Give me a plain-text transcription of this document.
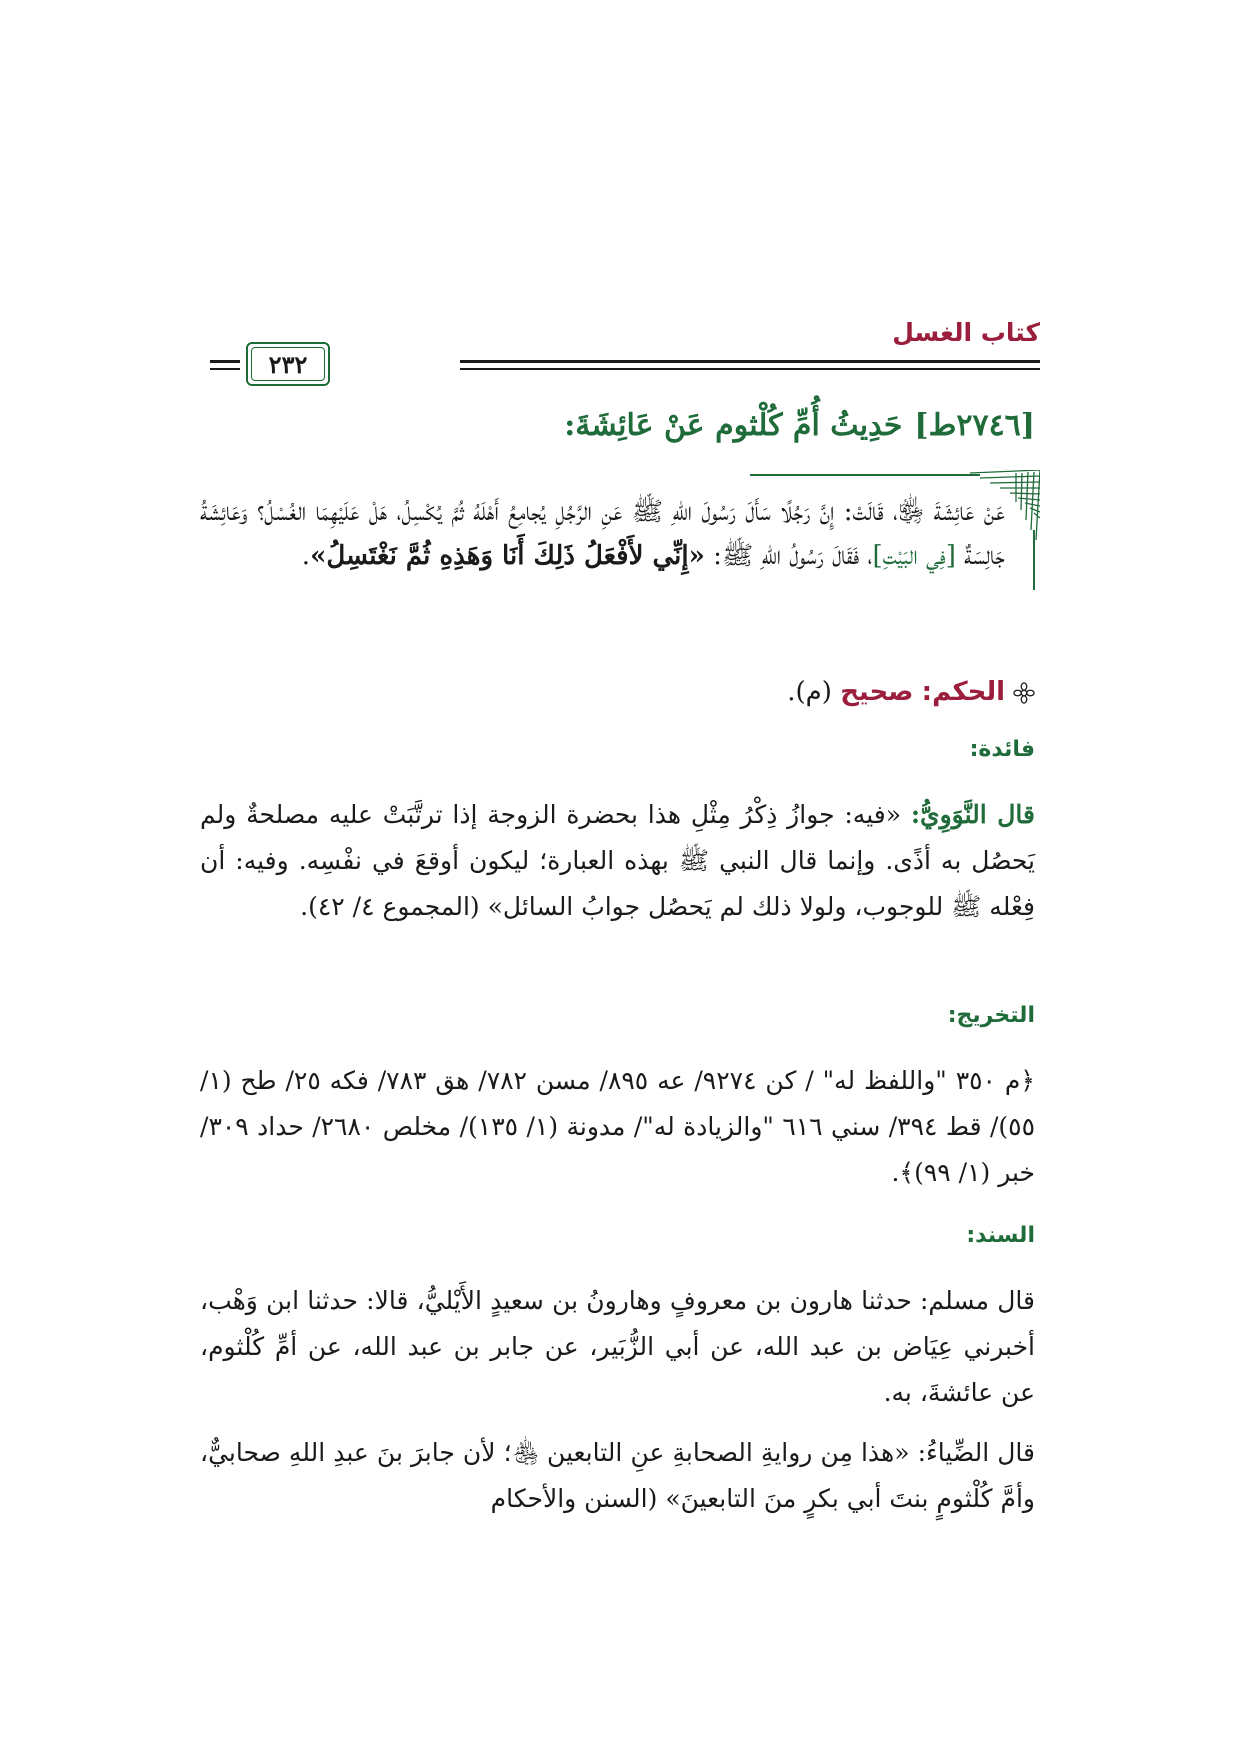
كتاب الغسل
٢٣٢
[٢٧٤٦ط]حَدِيثُ أُمِّ كُلْثوم عَنْ عَائِشَةَ:
عَنْ عَائِشَةَ ﵂، قَالَتْ: إِنَّ رَجُلًا سَأَلَ رَسُولَ اللهِ ﷺ عَنِ الرَّجُلِ يُجامِعُ أَهْلَهُ ثُمَّ يُكْسِلُ، هَلْ عَلَيْهِمَا الغُسْلُ؟ وَعَائِشَةُ جَالِسَةٌ [فِي البَيْتِ]، فَقَالَ رَسُولُ اللهِ ﷺ: «إِنِّي لأَفْعَلُ ذَلِكَ أَنَا وَهَذِهِ ثُمَّ نَغْتَسِلُ».
الحكم: صحيح (م).
فائدة:
قال النَّوَوِيُّ: «فيه: جوازُ ذِكْرُ مِثْلِ هذا بحضرة الزوجة إذا ترتَّبَتْ عليه مصلحةٌ ولم يَحصُل به أذًى. وإنما قال النبي ﷺ بهذه العبارة؛ ليكون أوقعَ في نفْسِه. وفيه: أن فِعْله ﷺ للوجوب، ولولا ذلك لم يَحصُل جوابُ السائل» (المجموع ٤/ ٤٢).
التخريج:
﴿م ٣٥٠ "واللفظ له" / كن ٩٢٧٤/ عه ٨٩٥/ مسن ٧٨٢/ هق ٧٨٣/ فكه ٢٥/ طح (١/ ٥٥)/ قط ٣٩٤/ سني ٦١٦ "والزيادة له"/ مدونة (١/ ١٣٥)/ مخلص ٢٦٨٠/ حداد ٣٠٩/ خبر (١/ ٩٩)﴾.
السند:
قال مسلم: حدثنا هارون بن معروفٍ وهارونُ بن سعيدٍ الأَيْليُّ، قالا: حدثنا ابن وَهْب، أخبرني عِيَاض بن عبد الله، عن أبي الزُّبَير، عن جابر بن عبد الله، عن أمِّ كُلْثوم، عن عائشةَ، به.
قال الضِّياءُ: «هذا مِن روايةِ الصحابةِ عنِ التابعين ﵃؛ لأن جابرَ بنَ عبدِ اللهِ صحابيٌّ، وأمَّ كُلْثومٍ بنتَ أبي بكرٍ منَ التابعينَ» (السنن والأحكام
